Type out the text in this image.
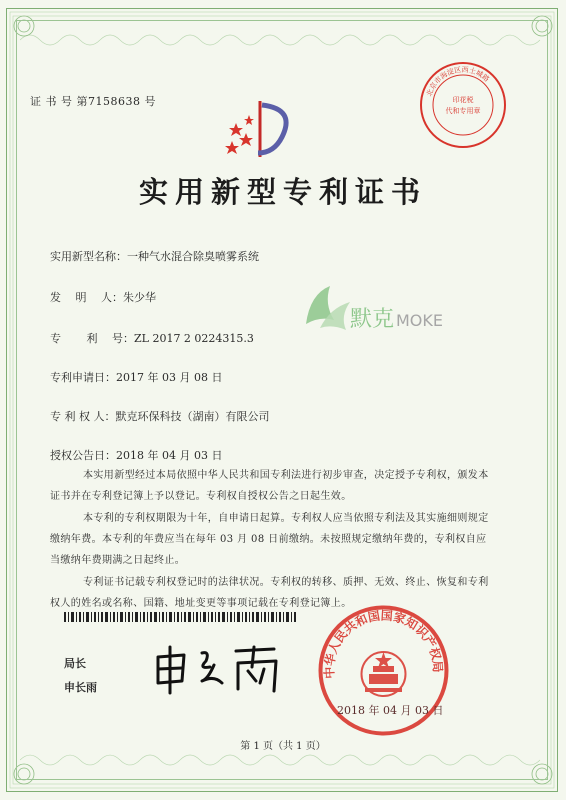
证 书 号 第7158638 号
北京市海淀区西土城路
印花税
代和专用章
实用新型专利证书
实用新型名称：一种气水混合除臭喷雾系统
发　 明　 人：朱少华
专　　 利　 号：ZL 2017 2 0224315.3
专利申请日：2017 年 03 月 08 日
专 利 权 人：默克环保科技（湖南）有限公司
授权公告日：2018 年 04 月 03 日
默克 MOKE
本实用新型经过本局依照中华人民共和国专利法进行初步审查，决定授予专利权，颁发本证书并在专利登记簿上予以登记。专利权自授权公告之日起生效。
本专利的专利权期限为十年，自申请日起算。专利权人应当依照专利法及其实施细则规定缴纳年费。本专利的年费应当在每年 03 月 08 日前缴纳。未按照规定缴纳年费的，专利权自应当缴纳年费期满之日起终止。
专利证书记载专利权登记时的法律状况。专利权的转移、质押、无效、终止、恢复和专利权人的姓名或名称、国籍、地址变更等事项记载在专利登记簿上。
局长
申长雨
中华人民共和国国家知识产权局
2018 年 04 月 03 日
第 1 页（共 1 页）
